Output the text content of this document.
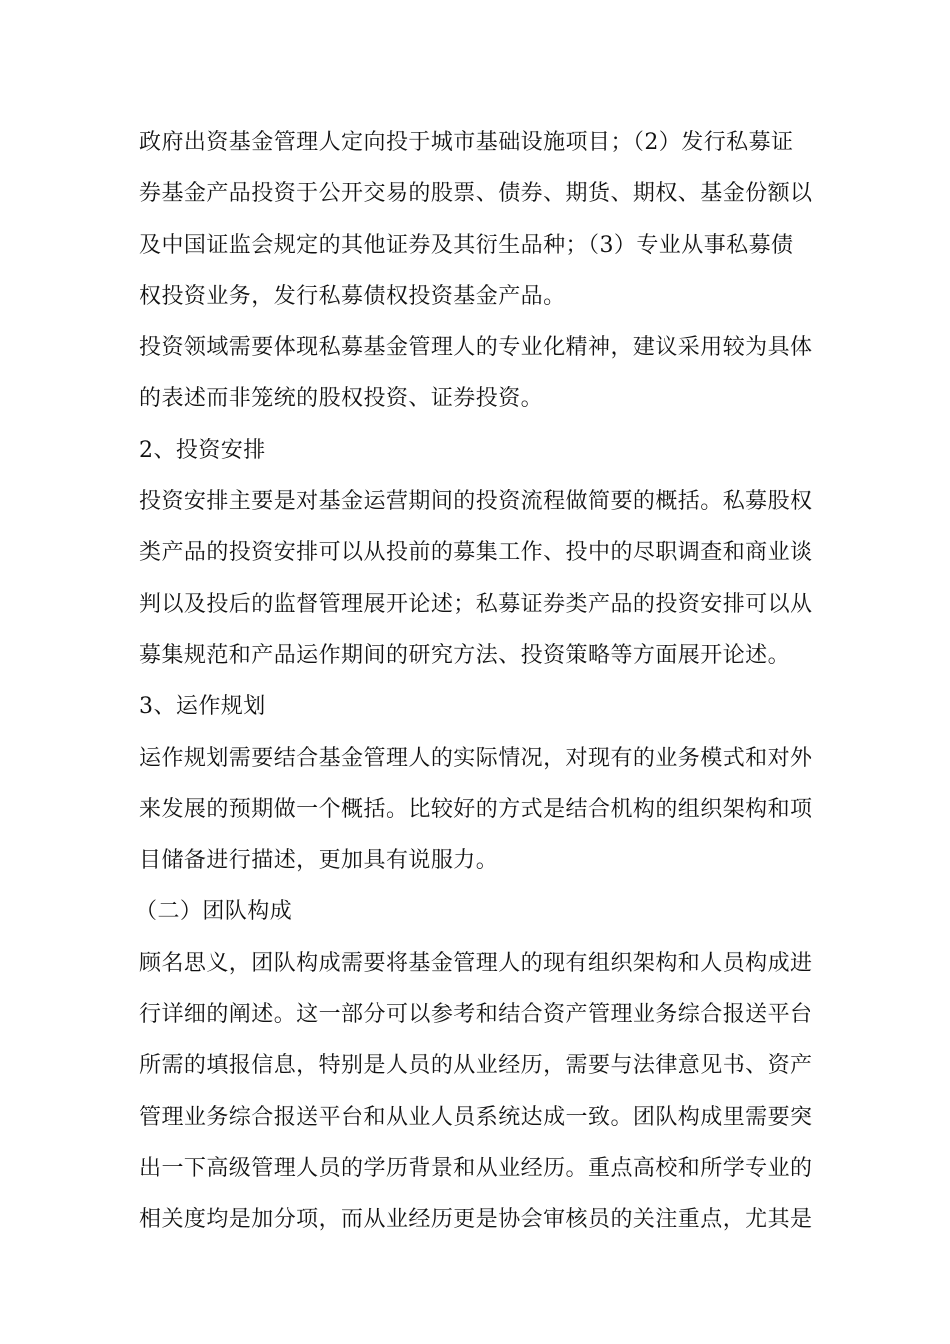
政府出资基金管理人定向投于城市基础设施项目；（2）发行私募证
券基金产品投资于公开交易的股票、债券、期货、期权、基金份额以
及中国证监会规定的其他证券及其衍生品种；（3）专业从事私募债
权投资业务，发行私募债权投资基金产品。
投资领域需要体现私募基金管理人的专业化精神，建议采用较为具体
的表述而非笼统的股权投资、证券投资。
2、投资安排
投资安排主要是对基金运营期间的投资流程做简要的概括。私募股权
类产品的投资安排可以从投前的募集工作、投中的尽职调查和商业谈
判以及投后的监督管理展开论述；私募证券类产品的投资安排可以从
募集规范和产品运作期间的研究方法、投资策略等方面展开论述。
3、运作规划
运作规划需要结合基金管理人的实际情况，对现有的业务模式和对外
来发展的预期做一个概括。比较好的方式是结合机构的组织架构和项
目储备进行描述，更加具有说服力。
（二）团队构成
顾名思义，团队构成需要将基金管理人的现有组织架构和人员构成进
行详细的阐述。这一部分可以参考和结合资产管理业务综合报送平台
所需的填报信息，特别是人员的从业经历，需要与法律意见书、资产
管理业务综合报送平台和从业人员系统达成一致。团队构成里需要突
出一下高级管理人员的学历背景和从业经历。重点高校和所学专业的
相关度均是加分项，而从业经历更是协会审核员的关注重点，尤其是
